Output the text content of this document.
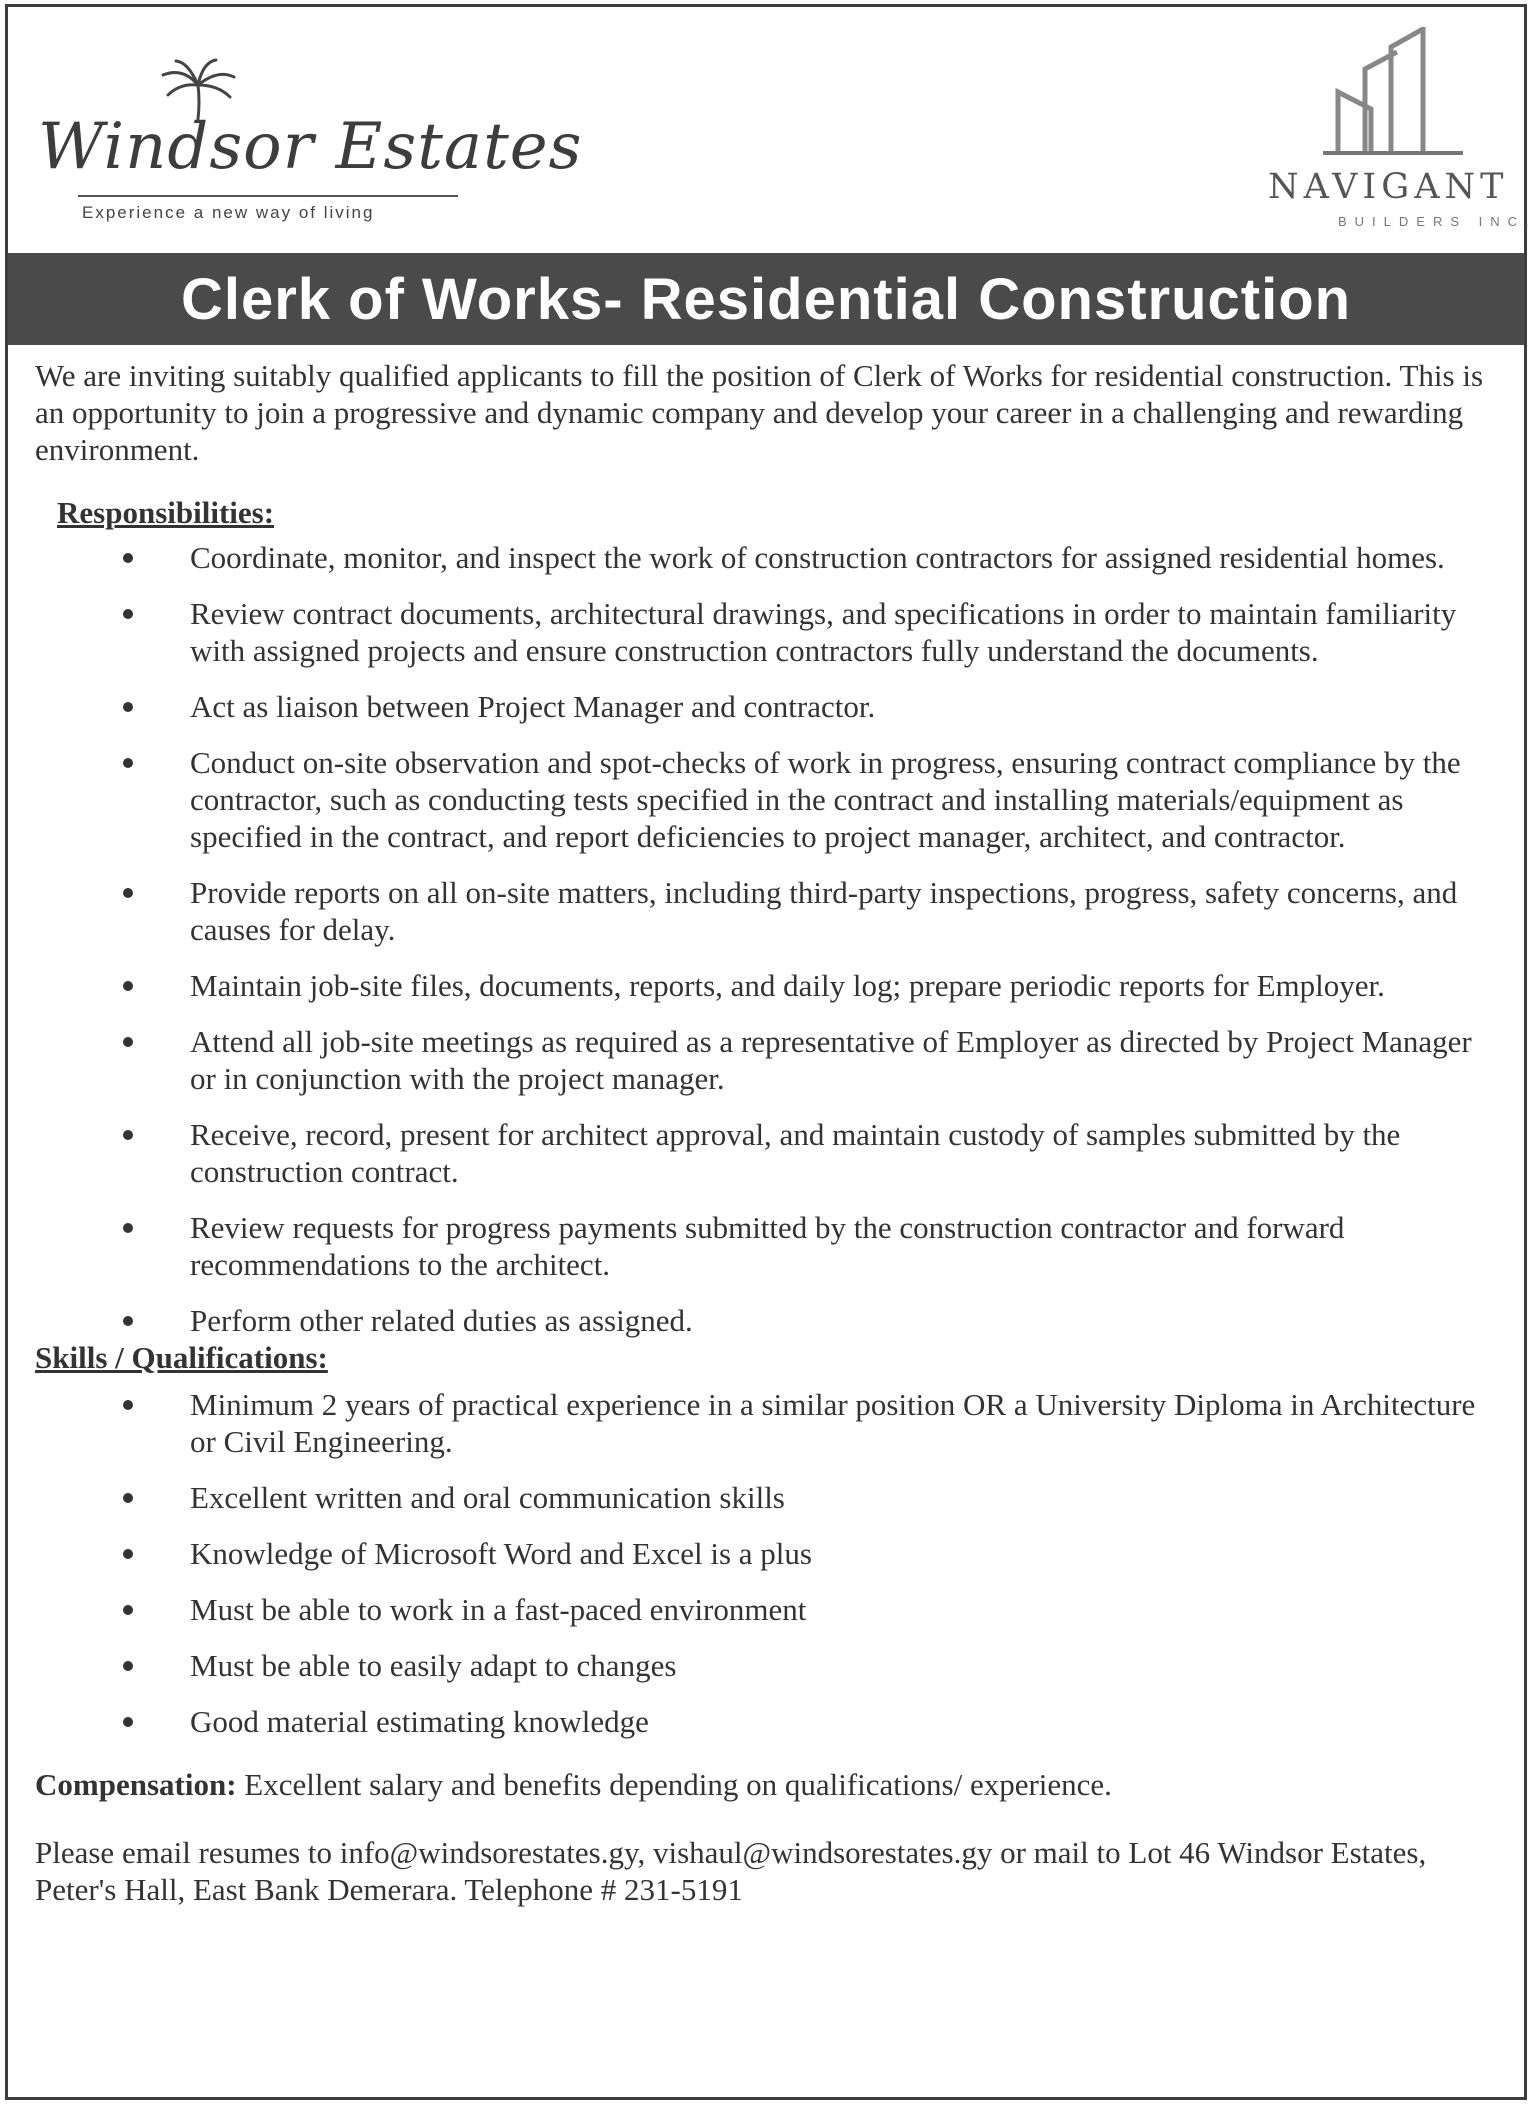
Windsor Estates
Experience a new way of living
NAVIGANT
BUILDERS INC.
Clerk of Works- Residential Construction

We are inviting suitably qualified applicants to fill the position of Clerk of Works for residential construction. This is an opportunity to join a progressive and dynamic company and develop your career in a challenging and rewarding environment.

Responsibilities:

Coordinate, monitor, and inspect the work of construction contractors for assigned residential homes.
Review contract documents, architectural drawings, and specifications in order to maintain familiarity with assigned projects and ensure construction contractors fully understand the documents.
Act as liaison between Project Manager and contractor.
Conduct on-site observation and spot-checks of work in progress, ensuring contract compliance by the contractor, such as conducting tests specified in the contract and installing materials/equipment as specified in the contract, and report deficiencies to project manager, architect, and contractor.
Provide reports on all on-site matters, including third-party inspections, progress, safety concerns, and causes for delay.
Maintain job-site files, documents, reports, and daily log; prepare periodic reports for Employer.
Attend all job-site meetings as required as a representative of Employer as directed by Project Manager or in conjunction with the project manager.
Receive, record, present for architect approval, and maintain custody of samples submitted by the construction contract.
Review requests for progress payments submitted by the construction contractor and forward recommendations to the architect.
Perform other related duties as assigned.

Skills / Qualifications:

Minimum 2 years of practical experience in a similar position OR a University Diploma in Architecture or Civil Engineering.
Excellent written and oral communication skills
Knowledge of Microsoft Word and Excel is a plus
Must be able to work in a fast-paced environment
Must be able to easily adapt to changes
Good material estimating knowledge

Compensation: Excellent salary and benefits depending on qualifications/ experience.

Please email resumes to info@windsorestates.gy, vishaul@windsorestates.gy or mail to Lot 46 Windsor Estates, Peter's Hall, East Bank Demerara. Telephone # 231-5191
